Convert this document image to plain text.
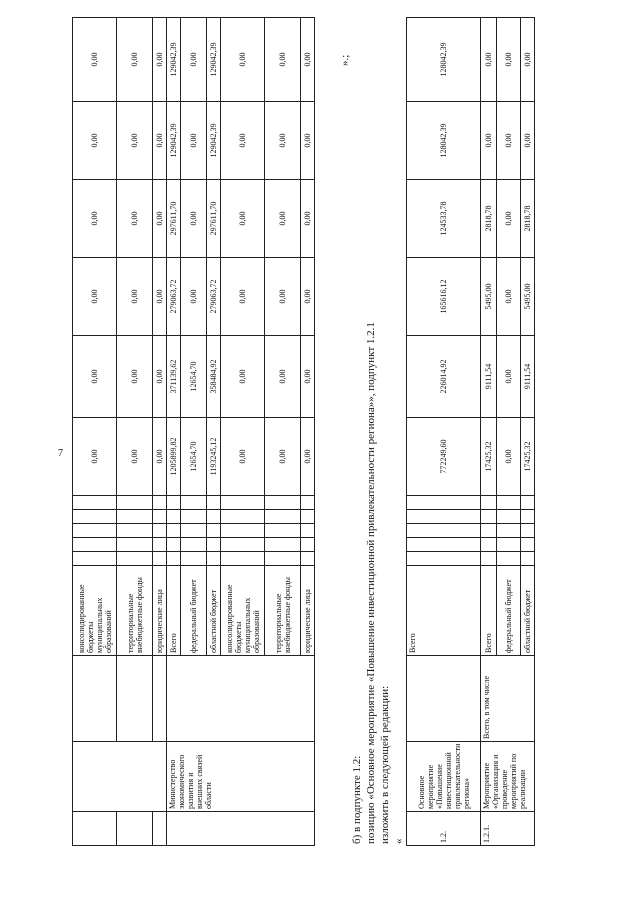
7
			консолидированные бюджеты муниципальных образований						0,00	0,00	0,00	0,00	0,00	0,00
			территориальные внебюджетные фонды						0,00	0,00	0,00	0,00	0,00	0,00
			юридические лица						0,00	0,00	0,00	0,00	0,00	0,00
	Министерство экономического развития и внешних связей области		Всего						1205899,82	371139,62	279063,72	297611,70	129042,39	129042,39
			федеральный бюджет						12654,70	12654,70	0,00	0,00	0,00	0,00
			областной бюджет						1193245,12	358484,92	279063,72	297611,70	129042,39	129042,39
			консолидированные бюджеты муниципальных образований						0,00	0,00	0,00	0,00	0,00	0,00
			территориальные внебюджетные фонды						0,00	0,00	0,00	0,00	0,00	0,00
			юридические лица						0,00	0,00	0,00	0,00	0,00	0,00 ».;
б) в подпункте 1.2: позицию «Основное мероприятие «Повышение инвестиционной привлекательности региона»», подпункт 1.2.1 изложить в следующей редакции: «	1.2.	Основное мероприятие «Повышение инвестиционной привлекательности региона»		Всего						772249,60	226014,92	165616,12	124533,78	128042,39	128042,39
1.2.1.	Мероприятие «Организация и проведение мероприятий по реализации	Всего, в том числе	Всего						17425,32	9111,54	5495,00	2818,78	0,00	0,00
			федеральный бюджет						0,00	0,00	0,00	0,00	0,00	0,00
			областной бюджет						17425,32	9111,54	5495,00	2818,78	0,00	0,00
